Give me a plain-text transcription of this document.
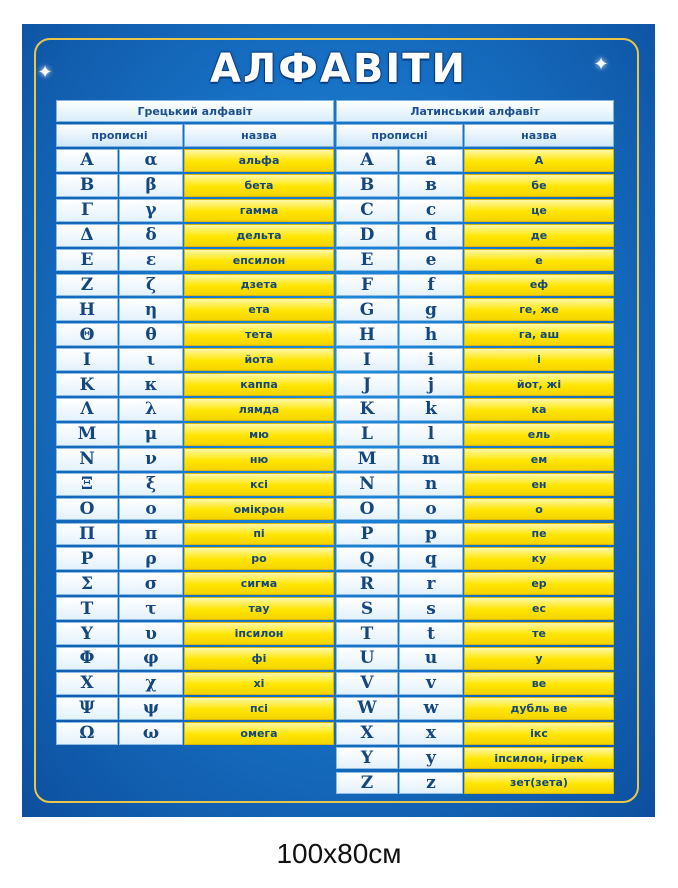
✦	✦
АЛФАВІТИ
Грецький алфавіт
прописні	назва
Α	α	альфа
Β	β	бета
Γ	γ	гамма
Δ	δ	дельта
Ε	ε	епсилон
Ζ	ζ	дзета
Η	η	ета
Θ	θ	тета
Ι	ι	йота
Κ	κ	каппа
Λ	λ	лямда
Μ	μ	мю
Ν	ν	ню
Ξ	ξ	ксі
Ο	ο	омікрон
Π	π	пі
Ρ	ρ	ро
Σ	σ	сигма
Τ	τ	тау
Υ	υ	іпсилон
Φ	φ	фі
Χ	χ	хі
Ψ	ψ	псі
Ω	ω	омега
Латинський алфавіт
прописні	назва
A	a	А
B	в	бе
C	c	це
D	d	де
E	e	е
F	f	еф
G	g	ге, же
H	h	га, аш
I	i	і
J	j	йот, жі
K	k	ка
L	l	ель
M	m	ем
N	n	ен
O	o	о
P	p	пе
Q	q	ку
R	r	ер
S	s	ес
T	t	те
U	u	у
V	v	ве
W	w	дубль ве
X	x	ікс
Y	y	іпсилон, ігрек
Z	z	зет(зета)
100x80см
